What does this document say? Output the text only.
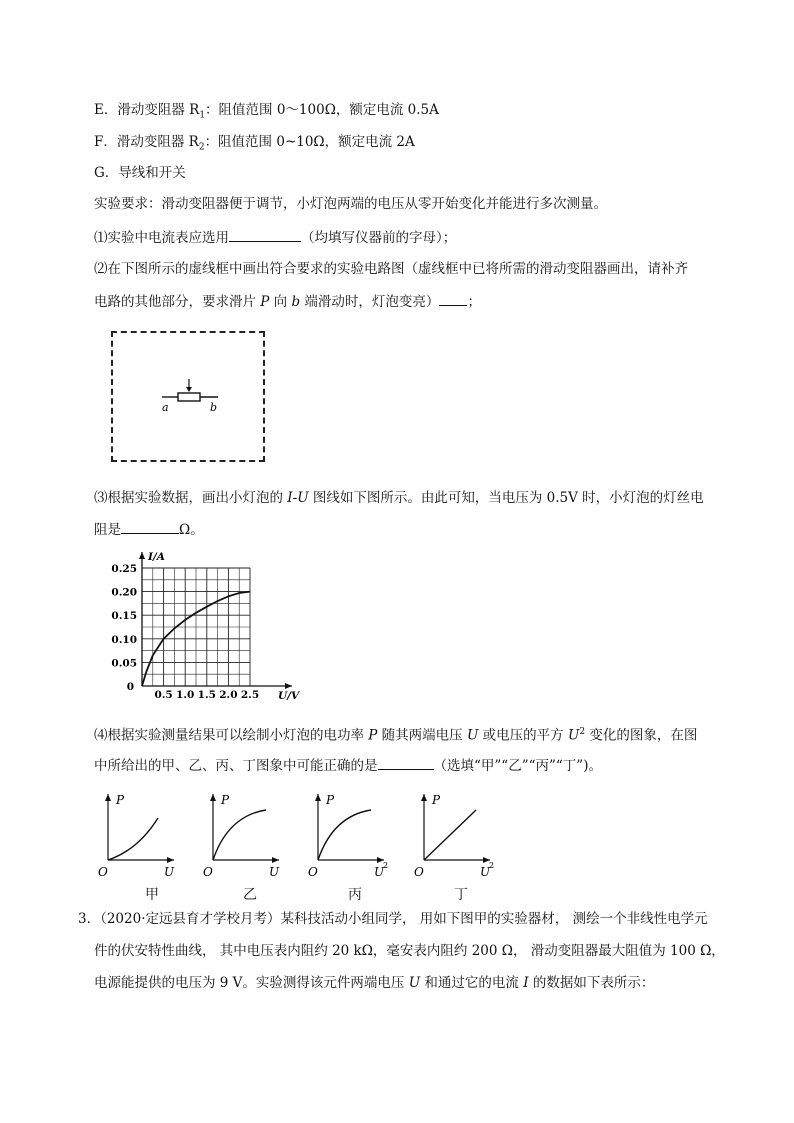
E．滑动变阻器 $R_1$：阻值范围 0～100Ω，额定电流 0.5A
F．滑动变阻器 $R_2$：阻值范围 0~10Ω，额定电流 2A
G．导线和开关
实验要求：滑动变阻器便于调节，小灯泡两端的电压从零开始变化并能进行多次测量。
⑴实验中电流表应选用	（均填写仪器前的字母）；
⑵在下图所示的虚线框中画出符合要求的实验电路图（虚线框中已将所需的滑动变阻器画出，请补齐
电路的其他部分，要求滑片 P 向 b 端滑动时，灯泡变亮） ；
a	b
⑶根据实验数据，画出小灯泡的 I-U 图线如下图所示。由此可知，当电压为 0.5V 时，小灯泡的灯丝电
阻是	Ω。
0.5 1.0 1.5 2.0 2.5
0.05
0.10
0.15
0.20
0.25
0
I/A
U/V
⑷根据实验测量结果可以绘制小灯泡的电功率 P 随其两端电压 U 或电压的平方 $U^2$ 变化的图象，在图
中所给出的甲、乙、丙、丁图象中可能正确的是	（选填“甲”“乙”“丙”“丁”)。
P
O	U
甲
P
O	U
乙
P
O	U
2
丙
P
O	U
2
丁
3．（2020·定远县育才学校月考）某科技活动小组同学， 用如下图甲的实验器材， 测绘一个非线性电学元
件的伏安特性曲线， 其中电压表内阻约 20 kΩ，毫安表内阻约 200 Ω， 滑动变阻器最大阻值为 100 Ω，
电源能提供的电压为 9 V。实验测得该元件两端电压 U 和通过它的电流 I 的数据如下表所示：
